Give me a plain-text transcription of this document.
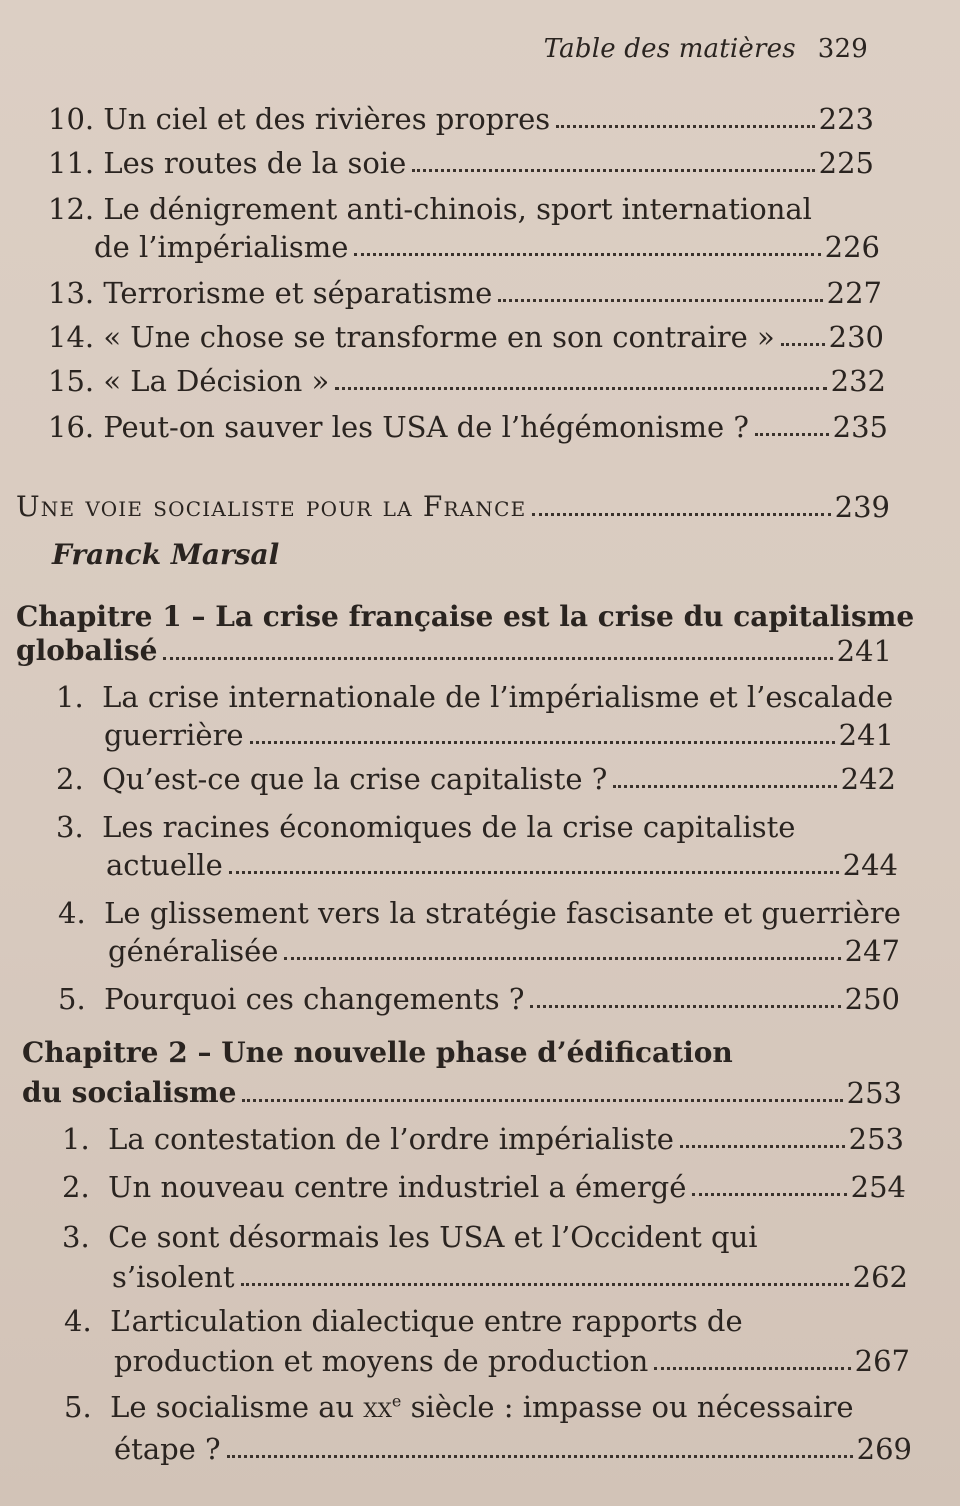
Table des matières 329
10.
Un ciel et des rivières propres	223
11.
Les routes de la soie	225
12. Le dénigrement anti-chinois, sport international
de l’impérialisme	226
13.
Terrorisme et séparatisme	227
14.
« Une chose se transforme en son contraire » 230
15.
« La Décision »	232
16.
Peut-on sauver les USA de l’hégémonisme ?	235
Une voie socialiste pour la France	239
Franck Marsal
Chapitre 1 – La crise française est la crise du capitalisme
globalisé	241
1. La crise internationale de l’impérialisme et l’escalade
guerrière	241
2.
Qu’est-ce que la crise capitaliste ?	242
3. Les racines économiques de la crise capitaliste
actuelle	244
4. Le glissement vers la stratégie fascisante et guerrière
généralisée	247
5.
Pourquoi ces changements ?	250
Chapitre 2 – Une nouvelle phase d’édification
du socialisme	253
1.
La contestation de l’ordre impérialiste	253
2.
Un nouveau centre industriel a émergé	254
3. Ce sont désormais les USA et l’Occident qui
s’isolent	262
4. L’articulation dialectique entre rapports de
production et moyens de production	267
5. Le socialisme au $xx^e$ siècle : impasse ou nécessaire
étape ?	269
